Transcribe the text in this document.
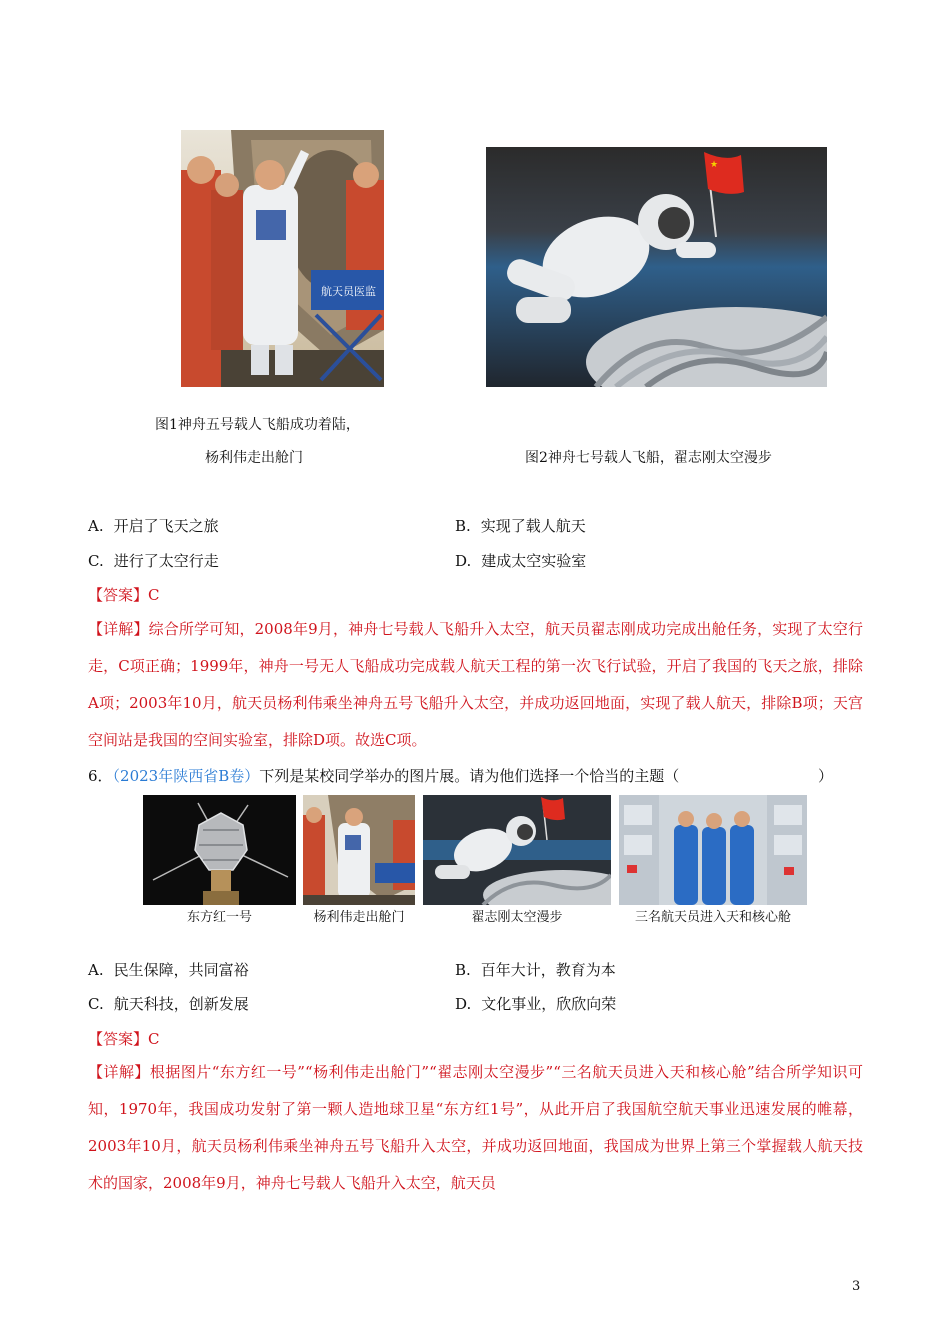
航天员医监
图1神舟五号载人飞船成功着陆，
杨利伟走出舱门
★
图2神舟七号载人飞船，翟志刚太空漫步
A. 开启了飞天之旅	B. 实现了载人航天
C. 进行了太空行走	D. 建成太空实验室
【答案】C
【详解】综合所学可知，2008年9月，神舟七号载人飞船升入太空，航天员翟志刚成功完成出舱任务，实现了太空行走，C项正确；1999年，神舟一号无人飞船成功完成载人航天工程的第一次飞行试验，开启了我国的飞天之旅，排除A项；2003年10月，航天员杨利伟乘坐神舟五号飞船升入太空，并成功返回地面，实现了载人航天，排除B项；天宫空间站是我国的空间实验室，排除D项。故选C项。
6．（2023年陕西省B卷）下列是某校同学举办的图片展。请为他们选择一个恰当的主题（	）
东方红一号	杨利伟走出舱门	翟志刚太空漫步	三名航天员进入天和核心舱
A. 民生保障，共同富裕	B. 百年大计，教育为本
C. 航天科技，创新发展	D. 文化事业，欣欣向荣
【答案】C
【详解】根据图片“东方红一号”“杨利伟走出舱门”“翟志刚太空漫步”“三名航天员进入天和核心舱”结合所学知识可知，1970年，我国成功发射了第一颗人造地球卫星“东方红1号”，从此开启了我国航空航天事业迅速发展的帷幕，2003年10月，航天员杨利伟乘坐神舟五号飞船升入太空，并成功返回地面，我国成为世界上第三个掌握载人航天技术的国家，2008年9月，神舟七号载人飞船升入太空，航天员
3
